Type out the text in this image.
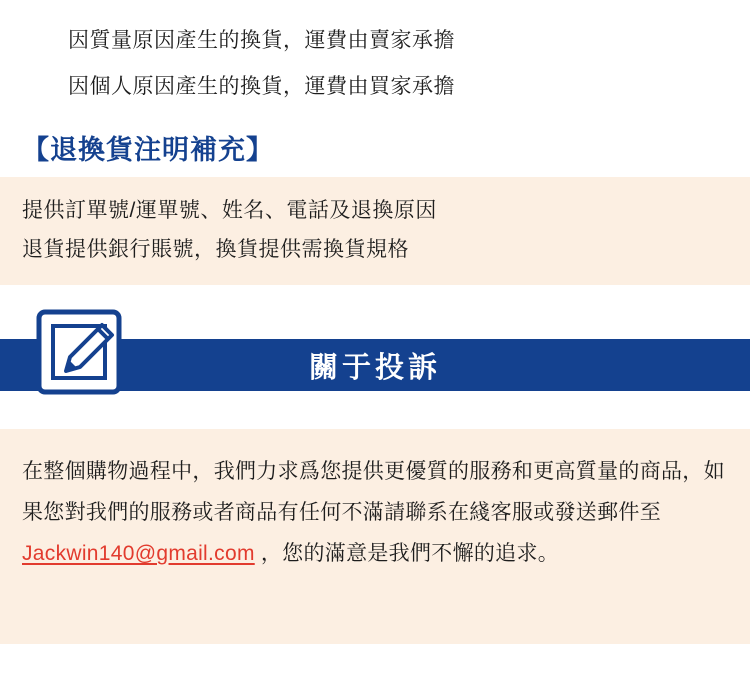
因質量原因產生的換貨，運費由賣家承擔
因個人原因產生的換貨，運費由買家承擔
【退換貨注明補充】
提供訂單號/運單號、姓名、電話及退換原因
退貨提供銀行賬號，換貨提供需換貨規格
關于投訴
在整個購物過程中，我們力求爲您提供更優質的服務和更高質量的商品，如果您對我們的服務或者商品有任何不滿請聯系在綫客服或發送郵件至 Jackwin140@gmail.com ，您的滿意是我們不懈的追求。
